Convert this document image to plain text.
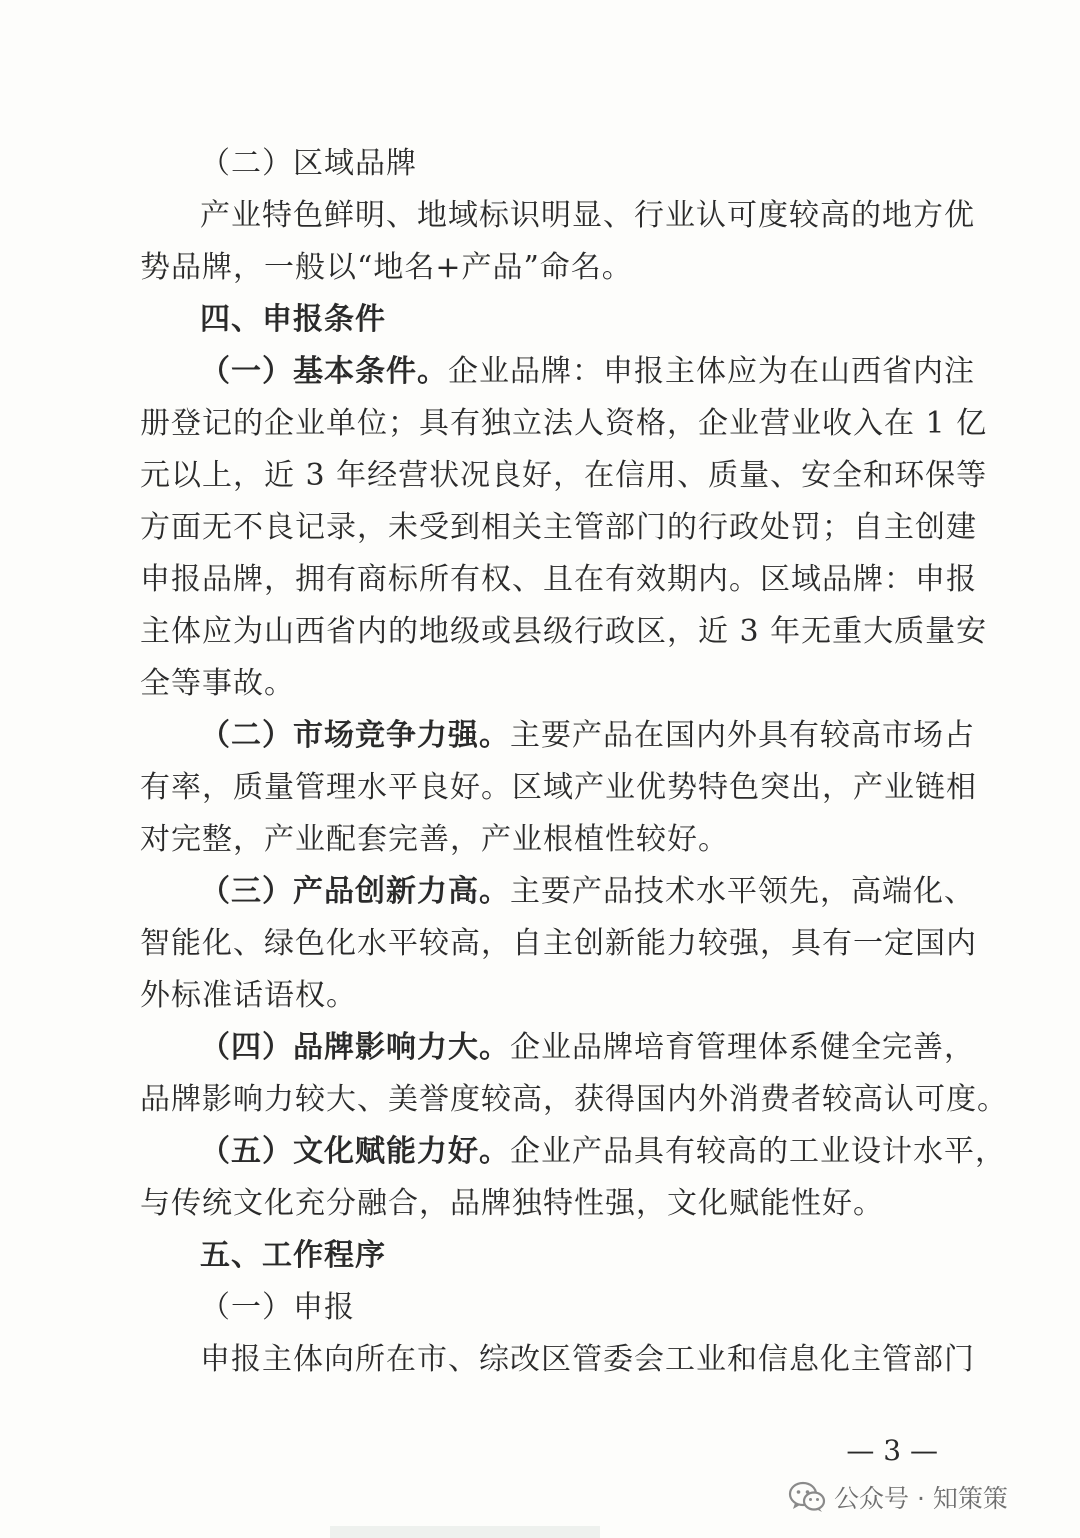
（二）区域品牌
产业特色鲜明、地域标识明显、行业认可度较高的地方优
势品牌，一般以“地名+产品”命名。
四、申报条件
（一）基本条件。企业品牌：申报主体应为在山西省内注
册登记的企业单位；具有独立法人资格，企业营业收入在 1 亿
元以上，近 3 年经营状况良好，在信用、质量、安全和环保等
方面无不良记录，未受到相关主管部门的行政处罚；自主创建
申报品牌，拥有商标所有权、且在有效期内。区域品牌：申报
主体应为山西省内的地级或县级行政区，近 3 年无重大质量安
全等事故。
（二）市场竞争力强。主要产品在国内外具有较高市场占
有率，质量管理水平良好。区域产业优势特色突出，产业链相
对完整，产业配套完善，产业根植性较好。
（三）产品创新力高。主要产品技术水平领先，高端化、
智能化、绿色化水平较高，自主创新能力较强，具有一定国内
外标准话语权。
（四）品牌影响力大。企业品牌培育管理体系健全完善，
品牌影响力较大、美誉度较高，获得国内外消费者较高认可度。
（五）文化赋能力好。企业产品具有较高的工业设计水平，
与传统文化充分融合，品牌独特性强，文化赋能性好。
五、工作程序
（一）申报
申报主体向所在市、综改区管委会工业和信息化主管部门
— 3 —
公众号 · 知策策
